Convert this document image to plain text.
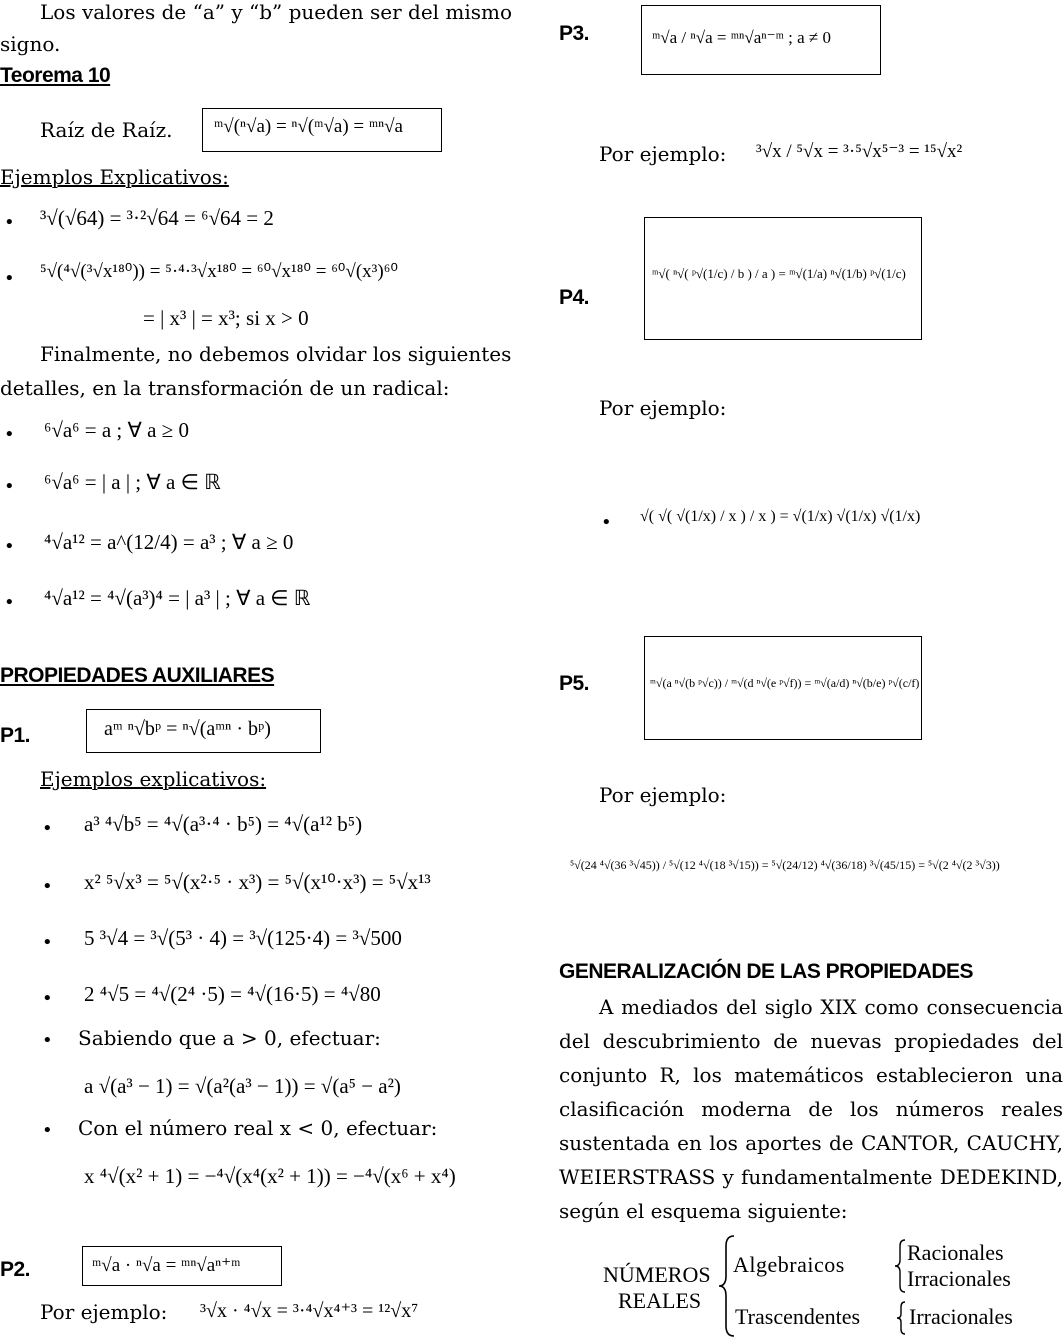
Los valores de “a” y “b” pueden ser del mismo
signo.
Teorema 10
Raíz de Raíz. ᵐ√(ⁿ√a) = ⁿ√(ᵐ√a) = ᵐⁿ√a
Ejemplos Explicativos:
• ³√(√64) = ³·²√64 = ⁶√64 = 2
• ⁵√(⁴√(³√x¹⁸⁰)) = ⁵·⁴·³√x¹⁸⁰ = ⁶⁰√x¹⁸⁰ = ⁶⁰√(x³)⁶⁰
= | x³ | = x³; si x > 0
Finalmente, no debemos olvidar los siguientes
detalles, en la transformación de un radical:
• ⁶√a⁶ = a ; ∀ a ≥ 0
• ⁶√a⁶ = | a | ; ∀ a ∈ ℝ
• ⁴√a¹² = a^(12/4) = a³ ; ∀ a ≥ 0
• ⁴√a¹² = ⁴√(a³)⁴ = | a³ | ; ∀ a ∈ ℝ
PROPIEDADES AUXILIARES
P1.	aᵐ ⁿ√bᵖ = ⁿ√(aᵐⁿ · bᵖ)
Ejemplos explicativos:
• a³ ⁴√b⁵ = ⁴√(a³·⁴ · b⁵) = ⁴√(a¹² b⁵)
• x² ⁵√x³ = ⁵√(x²·⁵ · x³) = ⁵√(x¹⁰·x³) = ⁵√x¹³
• 5 ³√4 = ³√(5³ · 4) = ³√(125·4) = ³√500
• 2 ⁴√5 = ⁴√(2⁴ ·5) = ⁴√(16·5) = ⁴√80
• Sabiendo que a > 0, efectuar:
a √(a³ − 1) = √(a²(a³ − 1)) = √(a⁵ − a²)
• Con el número real x < 0, efectuar:
x ⁴√(x² + 1) = −⁴√(x⁴(x² + 1)) = −⁴√(x⁶ + x⁴)
P2.	ᵐ√a · ⁿ√a = ᵐⁿ√aⁿ⁺ᵐ
Por ejemplo: ³√x · ⁴√x = ³·⁴√x⁴⁺³ = ¹²√x⁷
P3.	ᵐ√a / ⁿ√a = ᵐⁿ√aⁿ⁻ᵐ ; a ≠ 0
Por ejemplo: ³√x / ⁵√x = ³·⁵√x⁵⁻³ = ¹⁵√x²
P4.
ᵐ√( ⁿ√( ᵖ√(1/c) / b ) / a ) = ᵐ√(1/a) ⁿ√(1/b) ᵖ√(1/c)
Por ejemplo:
• √( √( √(1/x) / x ) / x ) = √(1/x) √(1/x) √(1/x)
P5.	ᵐ√(a ⁿ√(b ᵖ√c)) / ᵐ√(d ⁿ√(e ᵖ√f)) = ᵐ√(a/d) ⁿ√(b/e) ᵖ√(c/f)
Por ejemplo:
⁵√(24 ⁴√(36 ³√45)) / ⁵√(12 ⁴√(18 ³√15)) = ⁵√(24/12) ⁴√(36/18) ³√(45/15) = ⁵√(2 ⁴√(2 ³√3))
GENERALIZACIÓN DE LAS PROPIEDADES
A mediados del siglo XIX como consecuencia del descubrimiento de nuevas propiedades del conjunto R, los matemáticos establecieron una clasificación moderna de los números reales sustentada en los aportes de CANTOR, CAUCHY, WEIERSTRASS y fundamentalmente DEDEKIND, según el esquema siguiente:
NÚMEROS
REALES
Algebraicos
Trascendentes
Racionales
Irracionales
Irracionales
